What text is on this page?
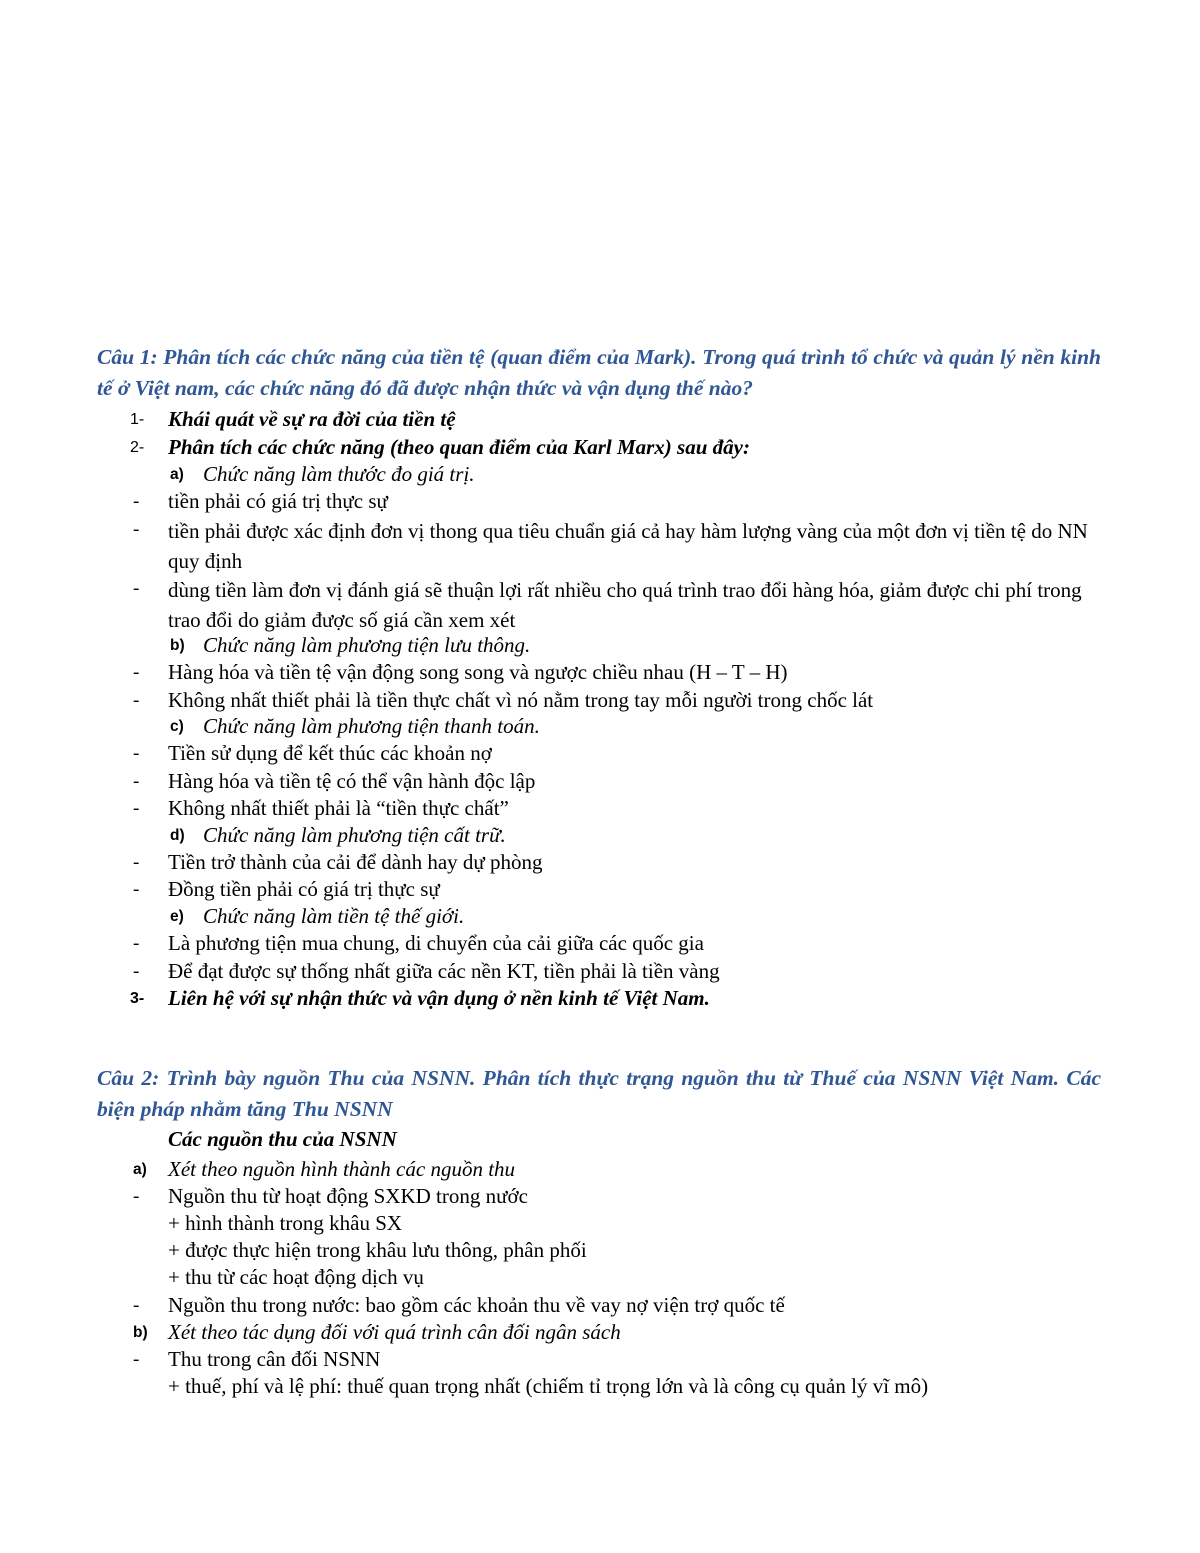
Câu 1: Phân tích các chức năng của tiền tệ (quan điểm của Mark). Trong quá trình tổ chức và quản lý nền kinh tế ở Việt nam, các chức năng đó đã được nhận thức và vận dụng thế nào?
1- Khái quát về sự ra đời của tiền tệ
2- Phân tích các chức năng (theo quan điểm của Karl Marx) sau đây:
a) Chức năng làm thước đo giá trị.
- tiền phải có giá trị thực sự
- tiền phải được xác định đơn vị thong qua tiêu chuẩn giá cả hay hàm lượng vàng của một đơn vị tiền tệ do NN quy định
- dùng tiền làm đơn vị đánh giá sẽ thuận lợi rất nhiều cho quá trình trao đổi hàng hóa, giảm được chi phí trong trao đổi do giảm được số giá cần xem xét
b) Chức năng làm phương tiện lưu thông.
- Hàng hóa và tiền tệ vận động song song và ngược chiều nhau (H – T – H)
- Không nhất thiết phải là tiền thực chất vì nó nằm trong tay mỗi người trong chốc lát
c) Chức năng làm phương tiện thanh toán.
- Tiền sử dụng để kết thúc các khoản nợ
- Hàng hóa và tiền tệ có thể vận hành độc lập
- Không nhất thiết phải là “tiền thực chất”
d) Chức năng làm phương tiện cất trữ.
- Tiền trở thành của cải để dành hay dự phòng
- Đồng tiền phải có giá trị thực sự
e) Chức năng làm tiền tệ thế giới.
- Là phương tiện mua chung, di chuyển của cải giữa các quốc gia
- Để đạt được sự thống nhất giữa các nền KT, tiền phải là tiền vàng
3- Liên hệ với sự nhận thức và vận dụng ở nền kinh tế Việt Nam.
Câu 2: Trình bày nguồn Thu của NSNN. Phân tích thực trạng nguồn thu từ Thuế của NSNN Việt Nam. Các biện pháp nhằm tăng Thu NSNN
Các nguồn thu của NSNN
a) Xét theo nguồn hình thành các nguồn thu
- Nguồn thu từ hoạt động SXKD trong nước
+ hình thành trong khâu SX
+ được thực hiện trong khâu lưu thông, phân phối
+ thu từ các hoạt động dịch vụ
- Nguồn thu trong nước: bao gồm các khoản thu về vay nợ viện trợ quốc tế
b) Xét theo tác dụng đối với quá trình cân đối ngân sách
- Thu trong cân đối NSNN
+ thuế, phí và lệ phí: thuế quan trọng nhất (chiếm tỉ trọng lớn và là công cụ quản lý vĩ mô)
